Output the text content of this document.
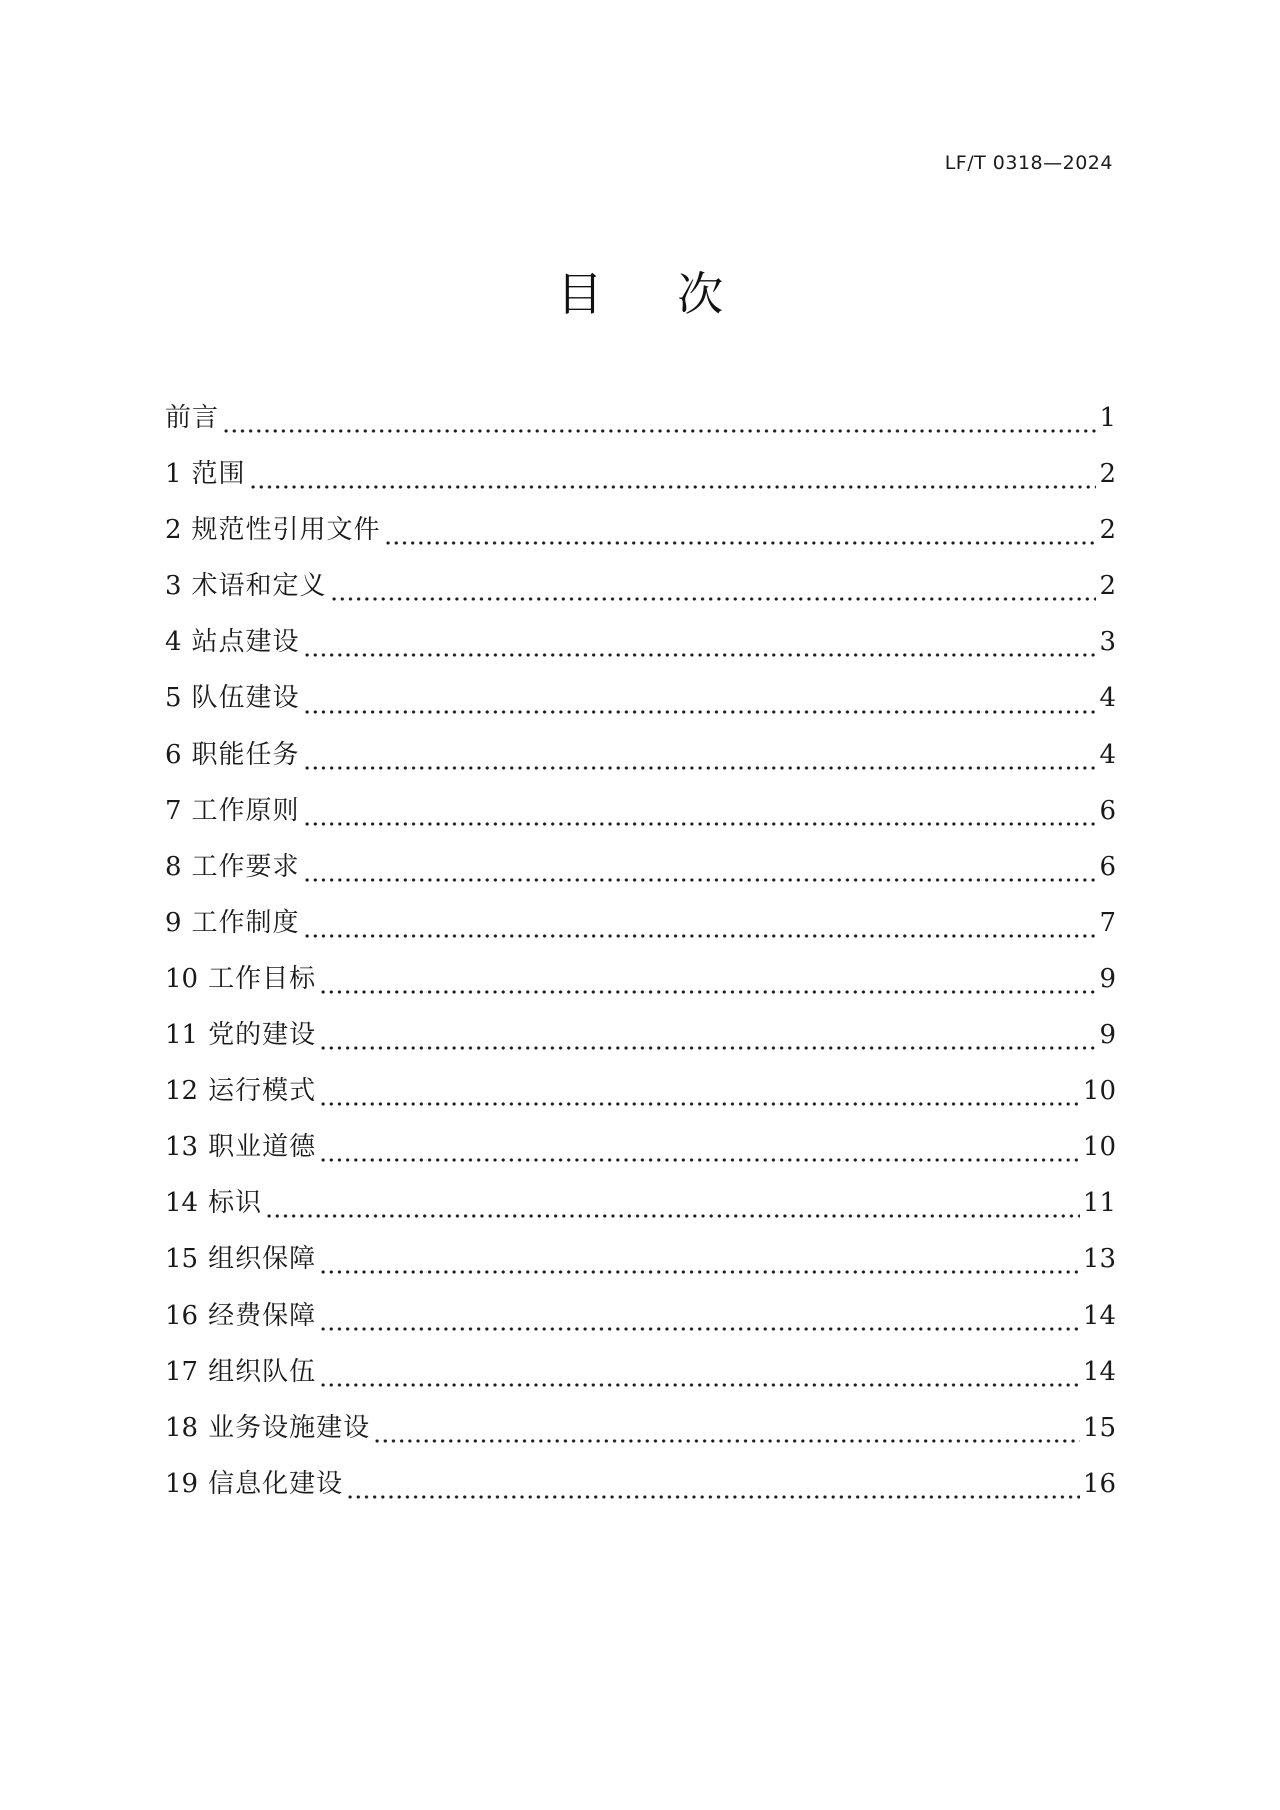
LF/T 0318—2024
目 次
前言	1
1 范围	2
2 规范性引用文件	2
3 术语和定义	2
4 站点建设	3
5 队伍建设	4
6 职能任务	4
7 工作原则	6
8 工作要求	6
9 工作制度	7
10 工作目标	9
11 党的建设	9
12 运行模式	10
13 职业道德	10
14 标识	11
15 组织保障	13
16 经费保障	14
17 组织队伍	14
18 业务设施建设	15
19 信息化建设	16
